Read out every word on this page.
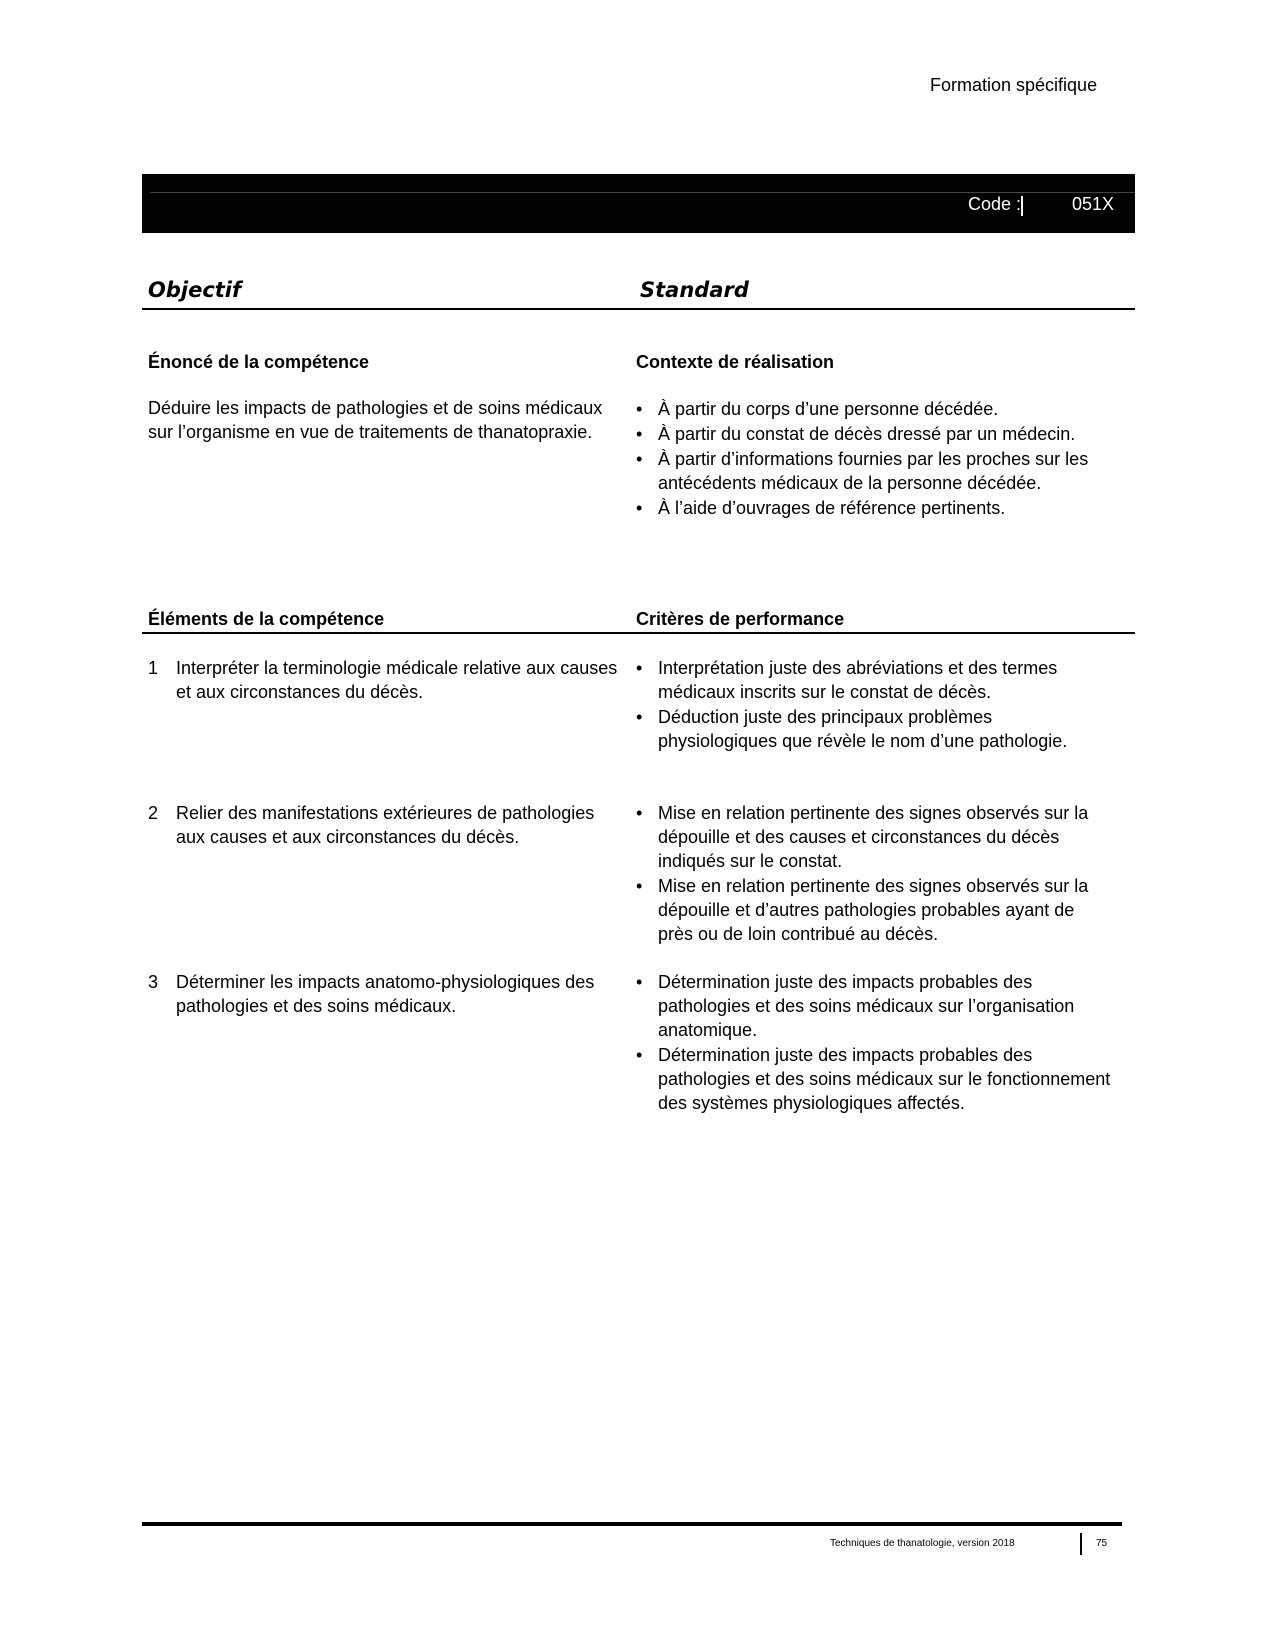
Formation spécifique
Code :	051X
Objectif	Standard
Énoncé de la compétence	Contexte de réalisation
Déduire les impacts de pathologies et de soins médicaux sur l’organisme en vue de traitements de thanatopraxie.
• À partir du corps d’une personne décédée.
• À partir du constat de décès dressé par un médecin.
• À partir d’informations fournies par les proches sur les antécédents médicaux de la personne décédée.
• À l’aide d’ouvrages de référence pertinents.
Éléments de la compétence	Critères de performance
1 Interpréter la terminologie médicale relative aux causes et aux circonstances du décès.
• Interprétation juste des abréviations et des termes médicaux inscrits sur le constat de décès.
• Déduction juste des principaux problèmes physiologiques que révèle le nom d’une pathologie.
2 Relier des manifestations extérieures de pathologies aux causes et aux circonstances du décès.
• Mise en relation pertinente des signes observés sur la dépouille et des causes et circonstances du décès indiqués sur le constat.
• Mise en relation pertinente des signes observés sur la dépouille et d’autres pathologies probables ayant de près ou de loin contribué au décès.
3 Déterminer les impacts anatomo-physiologiques des pathologies et des soins médicaux.
• Détermination juste des impacts probables des pathologies et des soins médicaux sur l’organisation anatomique.
• Détermination juste des impacts probables des pathologies et des soins médicaux sur le fonctionnement des systèmes physiologiques affectés.
Techniques de thanatologie, version 2018	75
